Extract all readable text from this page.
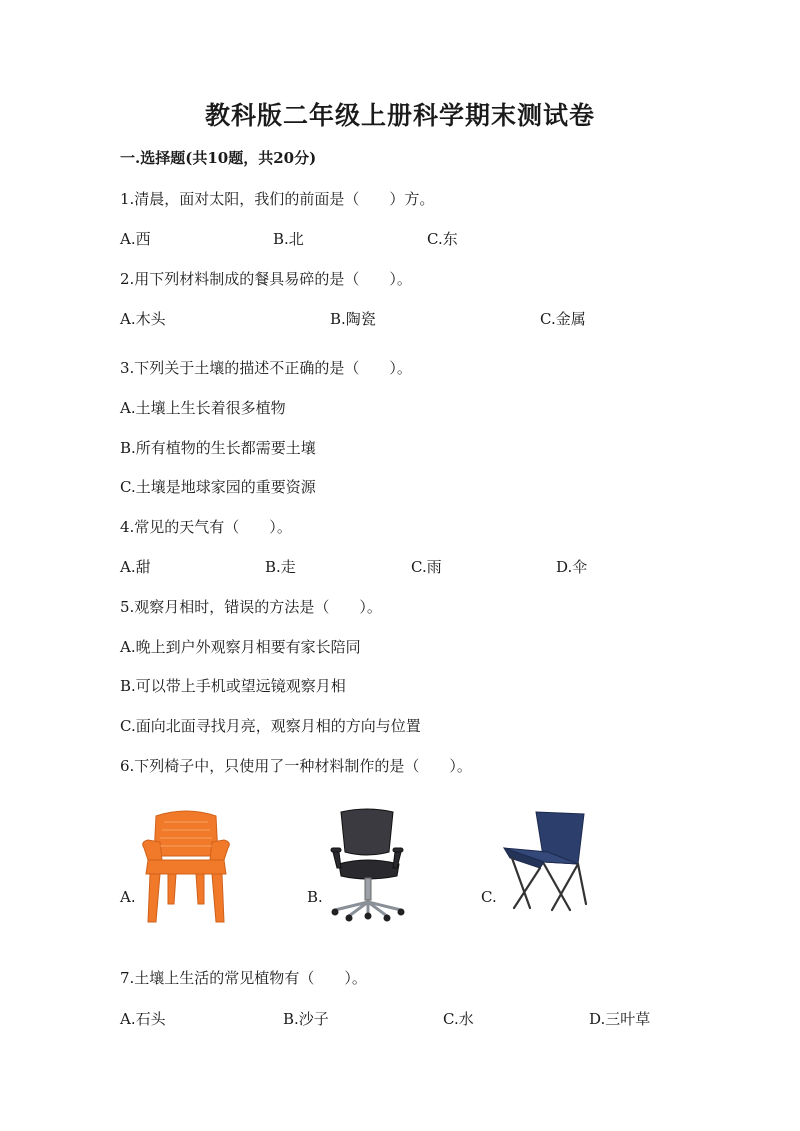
教科版二年级上册科学期末测试卷
一.选择题(共10题，共20分)
1.清晨，面对太阳，我们的前面是（　　）方。
A.西	B.北	C.东
2.用下列材料制成的餐具易碎的是（　　）。
A.木头	B.陶瓷	C.金属
3.下列关于土壤的描述不正确的是（　　）。
A.土壤上生长着很多植物
B.所有植物的生长都需要土壤
C.土壤是地球家园的重要资源
4.常见的天气有（　　）。
A.甜	B.走	C.雨	D.伞
5.观察月相时，错误的方法是（　　）。
A.晚上到户外观察月相要有家长陪同
B.可以带上手机或望远镜观察月相
C.面向北面寻找月亮，观察月相的方向与位置
6.下列椅子中，只使用了一种材料制作的是（　　）。
A.	B.	C.
7.土壤上生活的常见植物有（　　）。
A.石头	B.沙子	C.水	D.三叶草
